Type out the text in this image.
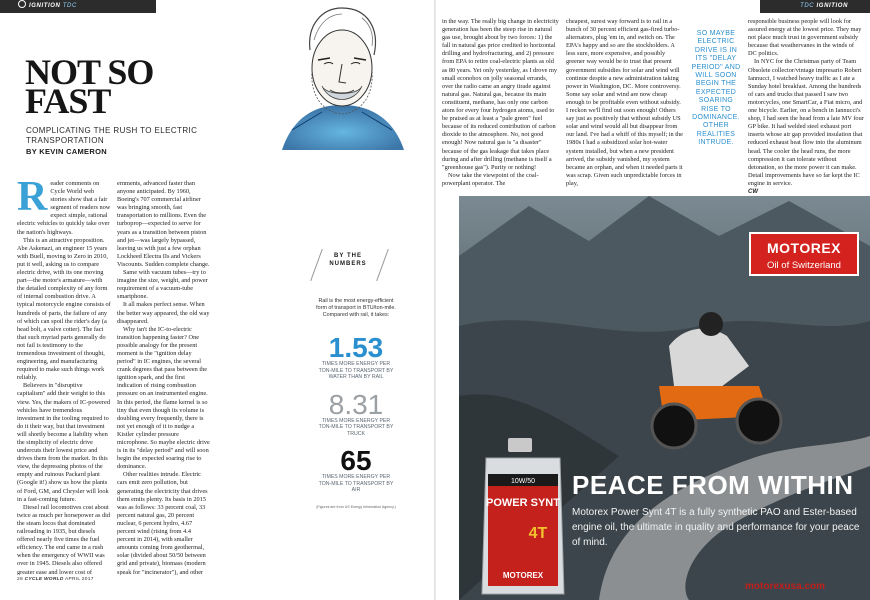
IGNITION TDC	TDC IGNITION
NOT SO
FAST
COMPLICATING THE RUSH TO ELECTRIC TRANSPORTATION
BY KEVIN CAMERON
R eader comments on Cycle World web stories show that a fair segment of readers now expect simple, rational electric vehicles to quickly take over the nation's highways.

This is an attractive proposition. Abe Askenazi, an engineer 15 years with Buell, moving to Zero in 2010, put it well, asking us to compare electric drive, with its one moving part—the motor's armature—with the detailed complexity of any form of internal combustion drive. A typical motorcycle engine consists of hundreds of parts, the failure of any of which can spoil the rider's day (a head bolt, a valve cotter). The fact that such myriad parts generally do not fail is testimony to the tremendous investment of thought, engineering, and manufacturing required to make such things work reliably.

Believers in "disruptive capitalism" add their weight to this view. Yes, the makers of IC-powered vehicles have tremendous investment in the tooling required to do it their way, but that investment will shortly become a liability when the simplicity of electric drive undercuts their lowest price and drives them from the market. In this view, the depressing photos of the empty and ruinous Packard plant (Google it!) show us how the plants of Ford, GM, and Chrysler will look in a fast-coming future.

Diesel rail locomotives cost about twice as much per horsepower as did the steam locos that dominated railroading in 1935, but diesels offered nearly five times the fuel efficiency. The end came in a rush when the emergency of WWII was over in 1945. Diesels also offered greater ease and lower cost of

ernments, advanced faster than anyone anticipated. By 1960, Boeing's 707 commercial airliner was bringing smooth, fast transportation to millions. Even the turboprop—expected to serve for years as a transition between piston and jet—was largely bypassed, leaving us with just a few orphan Lockheed Electra IIs and Vickers Viscounts. Sudden complete change.

Same with vacuum tubes—try to imagine the size, weight, and power requirement of a vacuum-tube smartphone.

It all makes perfect sense. When the better way appeared, the old way disappeared.

Why isn't the IC-to-electric transition happening faster? One possible analogy for the present moment is the "ignition delay period" in IC engines, the several crank degrees that pass between the ignition spark, and the first indication of rising combustion pressure on an instrumented engine. In this period, the flame kernel is so tiny that even though its volume is doubling every frequently, there is not yet enough of it to nudge a Kistler cylinder pressure microphone. So maybe electric drive is in its "delay period" and will soon begin the expected soaring rise to dominance.

Other realities intrude. Electric cars emit zero pollution, but generating the electricity that drives them emits plenty. Its basis in 2015 was as follows: 33 percent coal, 33 percent natural gas, 20 percent nuclear, 6 percent hydro, 4.67 percent wind (rising from 4.4 percent in 2014), with smaller amounts coming from geothermal, solar (divided about 50/50 between grid and private), biomass (modern speak for "incinerator"), and other

BY THE NUMBERS
Rail is the most energy-efficient form of transport in BTU/ton-mile. Compared with rail, it takes:
1.53
TIMES MORE ENERGY PER TON-MILE TO TRANSPORT BY WATER THAN BY RAIL
8.31
TIMES MORE ENERGY PER TON-MILE TO TRANSPORT BY TRUCK
65
TIMES MORE ENERGY PER TON-MILE TO TRANSPORT BY AIR
(Figures are from US Energy Information Agency.)

in the way. The really big change in electricity generation has been the steep rise in natural gas use, brought about by two forces: 1) the fall in natural gas price credited to horizontal drilling and hydrofracturing, and 2) pressure from EPA to retire coal-electric plants as old as 80 years. Yet only yesterday, as I drove my small econobox on jolly seasonal errands, over the radio came an angry tirade against natural gas. Natural gas, because its main constituent, methane, has only one carbon atom for every four hydrogen atoms, used to be praised as at least a "pale green" fuel because of its reduced contribution of carbon dioxide to the atmosphere. No, not good enough! Now natural gas is "a disaster" because of the gas leakage that takes place during and after drilling (methane is itself a "greenhouse gas"). Purity or nothing!

Now take the viewpoint of the coal-powerplant operator. The

cheapest, surest way forward is to rail in a bunch of 30 percent efficient gas-fired turbo-alternators, plug 'em in, and switch on. The EPA's happy and so are the stockholders. A less sure, more expensive, and possibly greener way would be to trust that present government subsidies for solar and wind will continue despite a new administration taking power in Washington, DC. More controversy. Some say solar and wind are now cheap enough to be profitable even without subsidy. I reckon we'll find out soon enough! Others say just as positively that without subsidy US solar and wind would all but disappear from our land. I've had a whiff of this myself; in the 1980s I had a subsidized solar hot-water system installed, but when a new president arrived, the subsidy vanished, my system became an orphan, and when it needed parts it was scrap. Given such unpredictable forces in play,

SO MAYBE ELECTRIC DRIVE IS IN ITS "DELAY PERIOD" AND WILL SOON BEGIN THE EXPECTED SOARING RISE TO DOMINANCE. OTHER REALITIES INTRUDE.

responsible business people will look for assured energy at the lowest price. They may not place much trust in government subsidy because that weathervanes in the winds of DC politics.

In NYC for the Christmas party of Team Obsolete collector/vintage impresario Robert Iannucci, I watched heavy traffic as I ate a Sunday hotel breakfast. Among the hundreds of cars and trucks that passed I saw two motorcycles, one SmartCar, a Fiat micro, and one bicycle. Earlier, on a bench in Iannucci's shop, I had seen the head from a late MV four GP bike. It had welded steel exhaust port inserts whose air gap provided insulation that reduced exhaust heat flow into the aluminum head. The cooler the head runs, the more compression it can tolerate without detonation, so the more power it can make. Detail improvements have so far kept the IC engine in service.

CW
MOTOREX
Oil of Switzerland
10W/50
POWER SYNT
4T
MOTOREX
PEACE FROM WITHIN
Motorex Power Synt 4T is a fully synthetic PAO and Ester-based engine oil, the ultimate in quality and performance for your peace of mind.
motorexusa.com
28 CYCLE WORLD APRIL 2017
